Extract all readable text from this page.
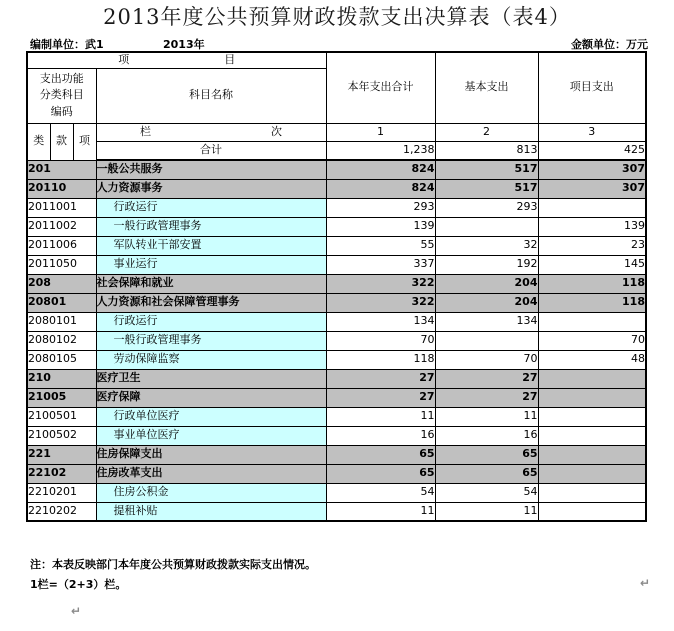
2013年度公共预算财政拨款支出决算表（表4）
编制单位：武1	2013年	金额单位：万元
项 目				本年支出合计	基本支出	项目支出

支出功能分类科目编码			科目名称			
类	款	项	栏 次	1	2	3
			合计	1,238	813	425
201			一般公共服务	824	517	307
20110			人力资源事务	824	517	307
2011001			行政运行	293	293	
2011002			一般行政管理事务	139		139
2011006			军队转业干部安置	55	32	23
2011050			事业运行	337	192	145
208			社会保障和就业	322	204	118
20801			人力资源和社会保障管理事务	322	204	118
2080101			行政运行	134	134	
2080102			一般行政管理事务	70		70
2080105			劳动保障监察	118	70	48
210			医疗卫生	27	27	
21005			医疗保障	27	27	
2100501			行政单位医疗	11	11	
2100502			事业单位医疗	16	16	
221			住房保障支出	65	65	
22102			住房改革支出	65	65	
2210201			住房公积金	54	54	
2210202			提租补贴	11	11	
注：本表反映部门本年度公共预算财政拨款实际支出情况。
1栏=（2+3）栏。	↵
↵
